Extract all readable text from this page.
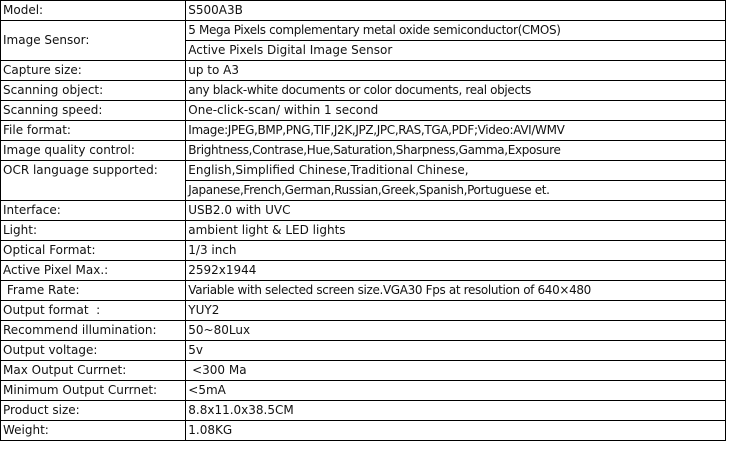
Model:	S500A3B
Image Sensor:	5 Mega Pixels complementary metal oxide semiconductor(CMOS)
	Active Pixels Digital Image Sensor
Capture size:	up to A3
Scanning object:	any black-white documents or color documents, real objects
Scanning speed:	One-click-scan/ within 1 second
File format:	Image:JPEG,BMP,PNG,TIF,J2K,JPZ,JPC,RAS,TGA,PDF;Video:AVI/WMV
Image quality control:	Brightness,Contrase,Hue,Saturation,Sharpness,Gamma,Exposure
OCR language supported:	English,Simplified Chinese,Traditional Chinese,
	Japanese,French,German,Russian,Greek,Spanish,Portuguese et.
Interface:	USB2.0 with UVC
Light:	ambient light & LED lights
Optical Format:	1/3 inch
Active Pixel Max.:	2592x1944
Frame Rate:	Variable with selected screen size.VGA30 Fps at resolution of 640×480
Output format  :	YUY2
Recommend illumination:	50~80Lux
Output voltage:	5v
Max Output Currnet:	<300 Ma
Minimum Output Currnet:	<5mA
Product size:	8.8x11.0x38.5CM
Weight:	1.08KG
